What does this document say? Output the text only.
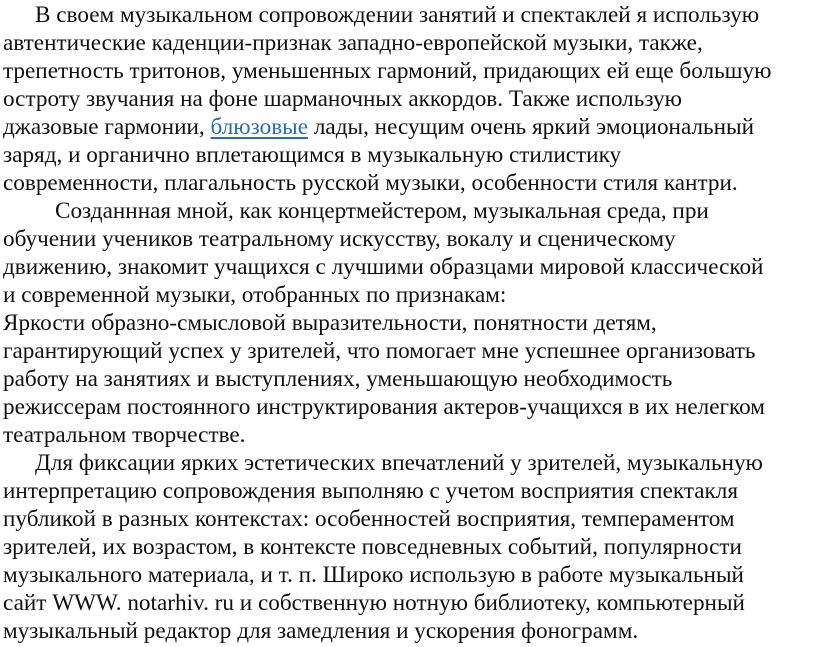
В своем музыкальном сопровождении занятий и спектаклей я использую
автентические каденции-признак западно-европейской музыки, также,
трепетность тритонов, уменьшенных гармоний, придающих ей еще большую
остроту звучания на фоне шарманочных аккордов. Также использую
джазовые гармонии, блюзовые лады, несущим очень яркий эмоциональный
заряд, и органично вплетающимся в музыкальную стилистику
современности, плагальность русской музыки, особенности стиля кантри.
Созданнная мной, как концертмейстером, музыкальная среда, при
обучении учеников театральному искусству, вокалу и сценическому
движению, знакомит учащихся с лучшими образцами мировой классической
и современной музыки, отобранных по признакам:
Яркости образно-смысловой выразительности, понятности детям,
гарантирующий успех у зрителей, что помогает мне успешнее организовать
работу на занятиях и выступлениях, уменьшающую необходимость
режиссерам постоянного инструктирования актеров-учащихся в их нелегком
театральном творчестве.
Для фиксации ярких эстетических впечатлений у зрителей, музыкальную
интерпретацию сопровождения выполняю с учетом восприятия спектакля
публикой в разных контекстах: особенностей восприятия, темпераментом
зрителей, их возрастом, в контексте повседневных событий, популярности
музыкального материала, и т. п. Широко использую в работе музыкальный
сайт WWW. notarhiv. ru и собственную нотную библиотеку, компьютерный
музыкальный редактор для замедления и ускорения фонограмм.
